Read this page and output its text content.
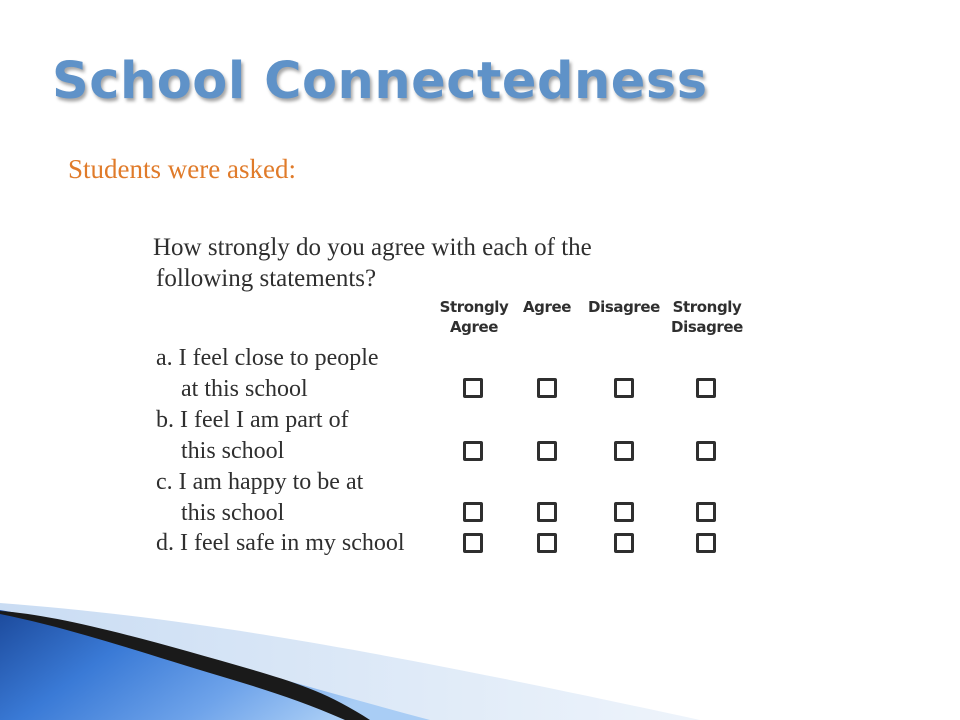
School Connectedness

Students were asked:

How strongly do you agree with each of the
following statements?
Strongly
Agree
Agree Disagree Strongly
Disagree
a. I feel close to people
at this school
b. I feel I am part of
this school
c. I am happy to be at
this school
d. I feel safe in my school
